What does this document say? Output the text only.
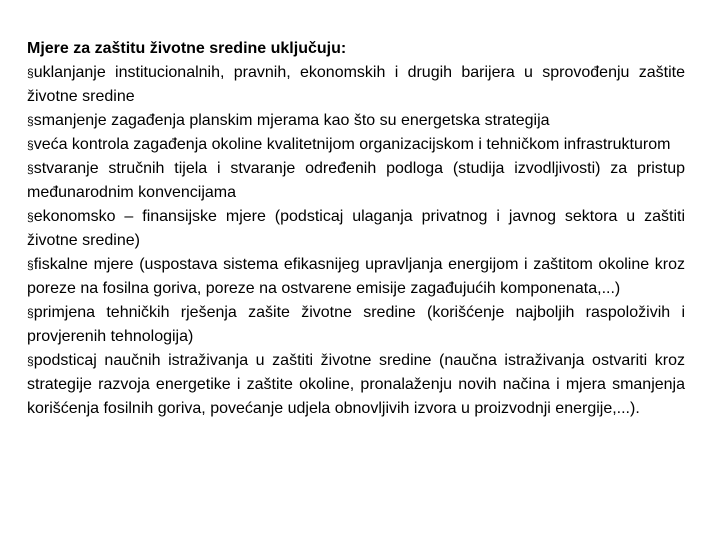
Mjere za zaštitu životne sredine uključuju:

§uklanjanje institucionalnih, pravnih, ekonomskih i drugih barijera u sprovođenju zaštite životne sredine
§smanjenje zagađenja planskim mjerama kao što su energetska strategija
§veća kontrola zagađenja okoline kvalitetnijom organizacijskom i tehničkom infrastrukturom
§stvaranje stručnih tijela i stvaranje određenih podloga (studija izvodljivosti) za pristup međunarodnim konvencijama
§ekonomsko – finansijske mjere (podsticaj ulaganja privatnog i javnog sektora u zaštiti životne sredine)
§fiskalne mjere (uspostava sistema efikasnijeg upravljanja energijom i zaštitom okoline kroz poreze na fosilna goriva, poreze na ostvarene emisije zagađujućih komponenata,...)
§primjena tehničkih rješenja zašite životne sredine (korišćenje najboljih raspoloživih i provjerenih tehnologija)
§podsticaj naučnih istraživanja u zaštiti životne sredine (naučna istraživanja ostvariti kroz strategije razvoja energetike i zaštite okoline, pronalaženju novih načina i mjera smanjenja korišćenja fosilnih goriva, povećanje udjela obnovljivih izvora u proizvodnji energije,...).
